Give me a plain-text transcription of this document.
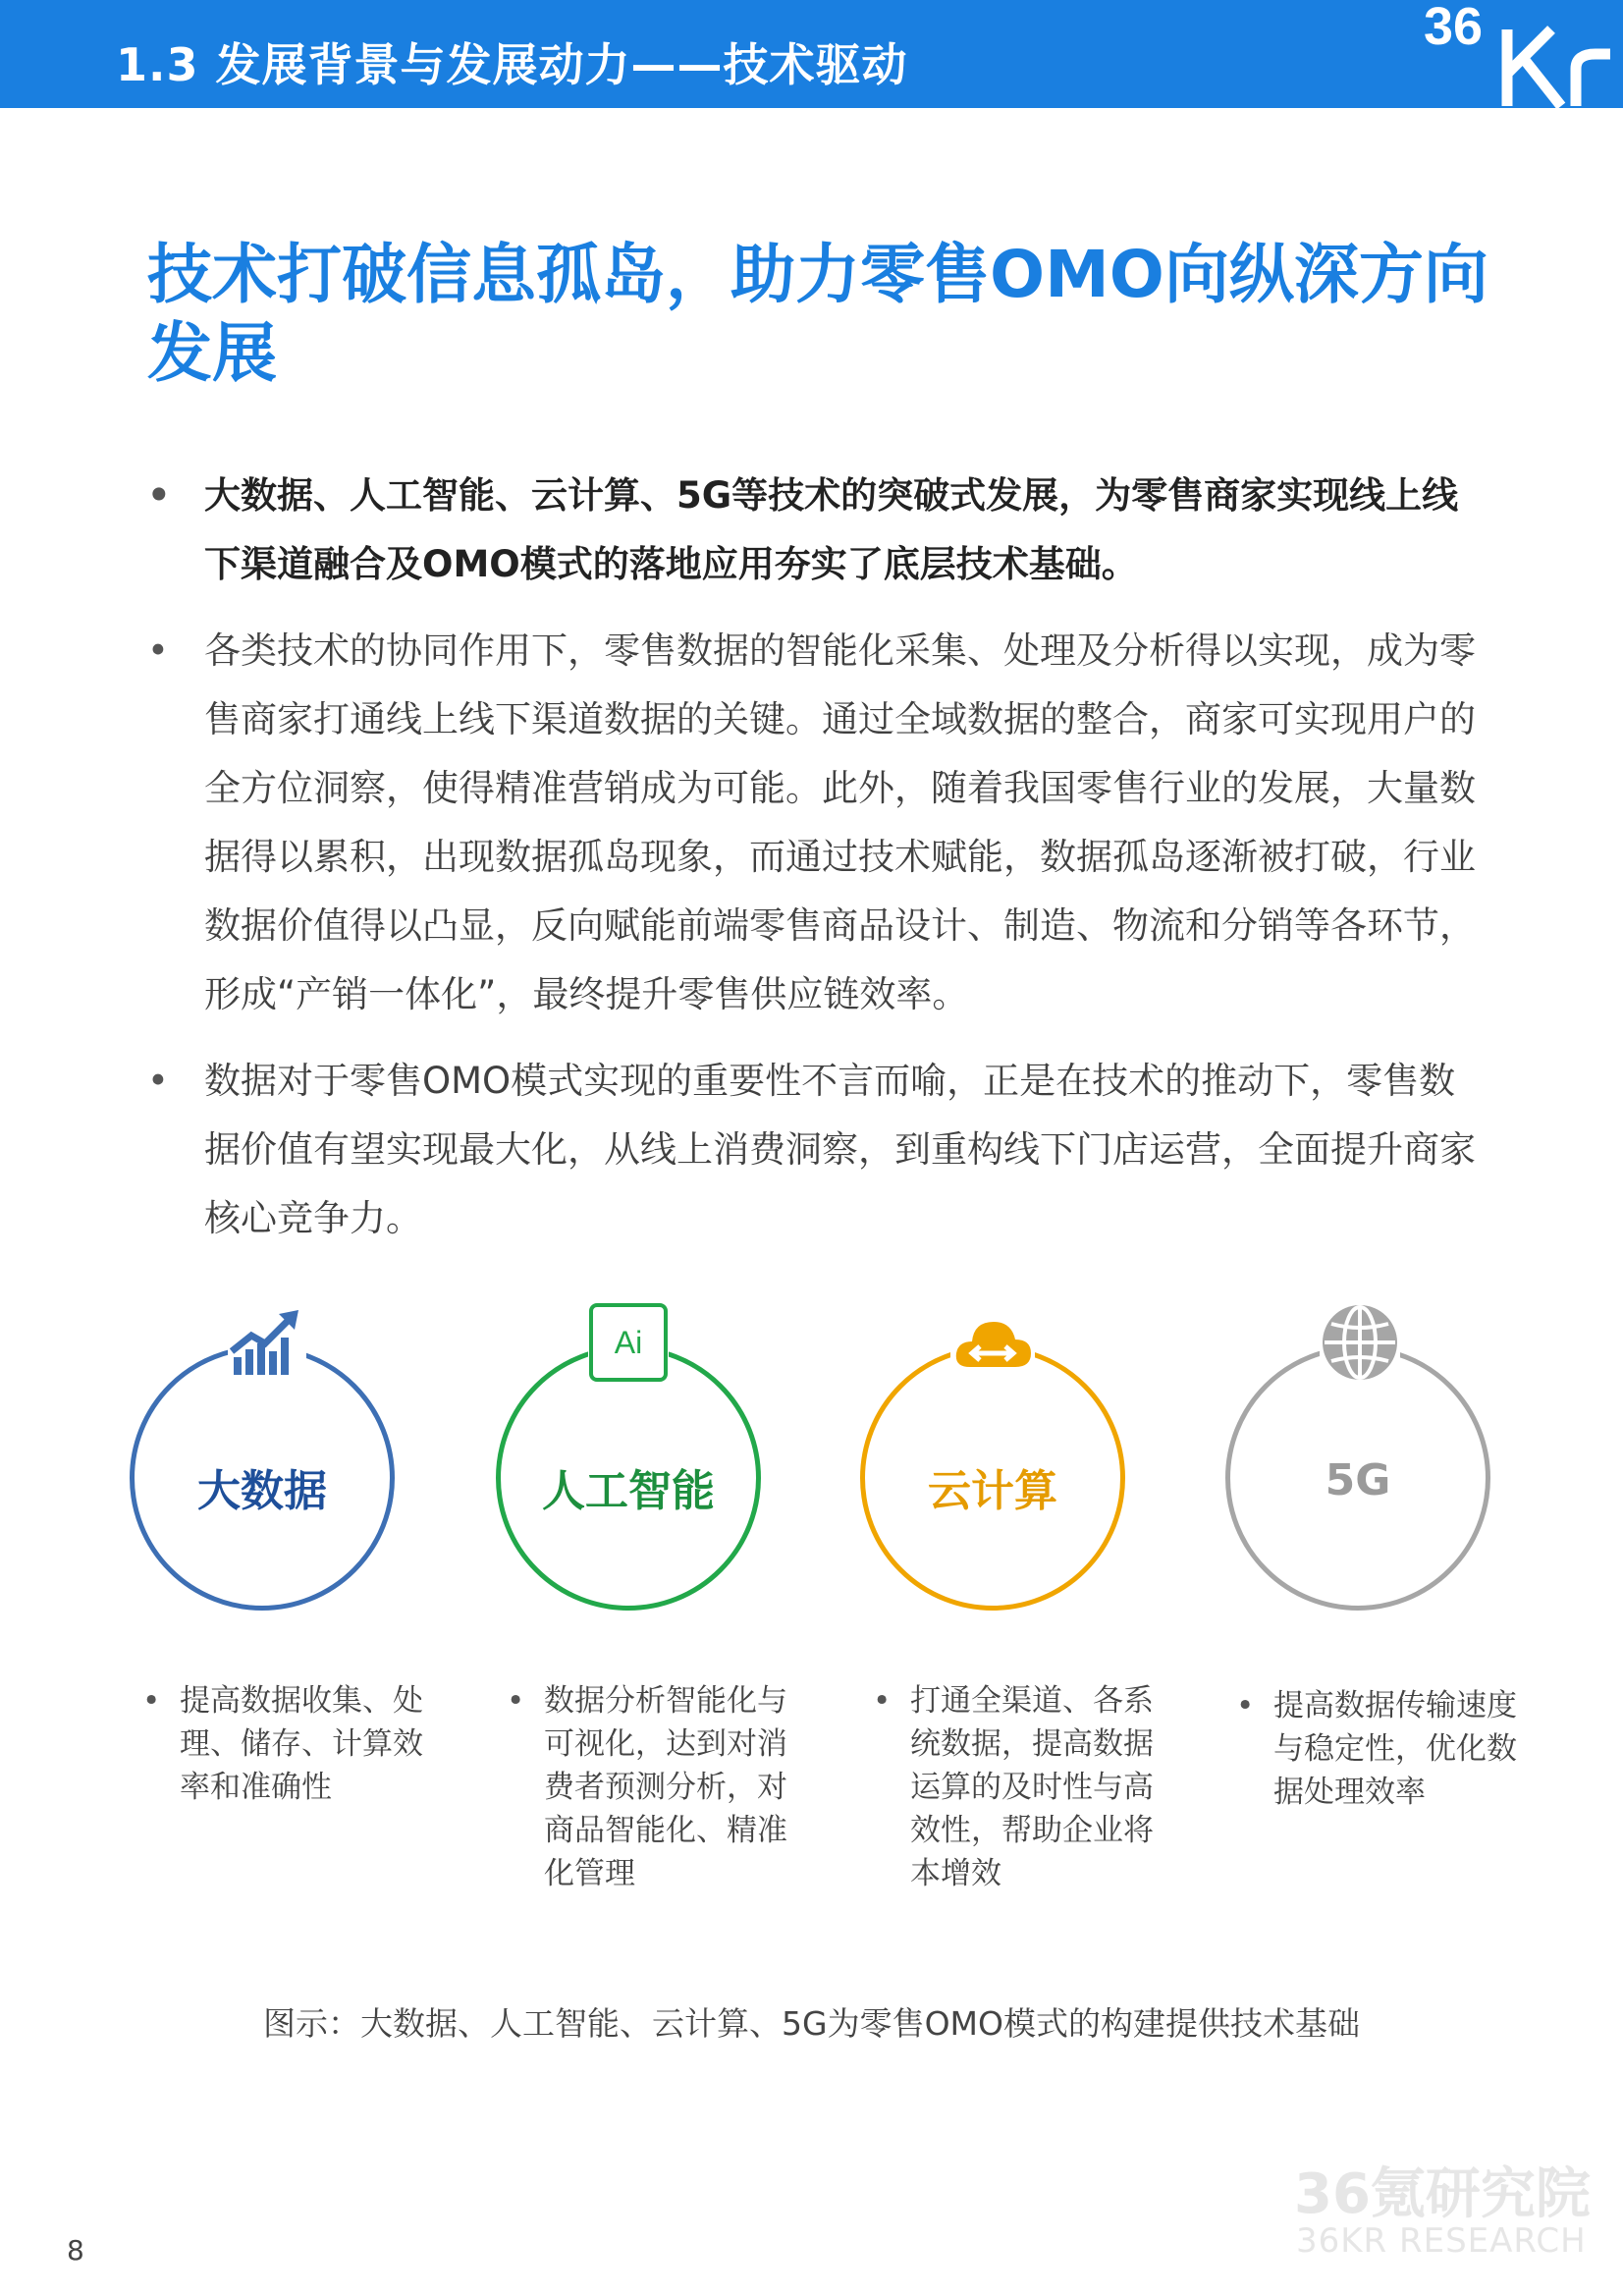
1.3 发展背景与发展动力——技术驱动
36
技术打破信息孤岛，助力零售OMO向纵深方向发展
• 大数据、人工智能、云计算、5G等技术的突破式发展，为零售商家实现线上线下渠道融合及OMO模式的落地应用夯实了底层技术基础。
• 各类技术的协同作用下，零售数据的智能化采集、处理及分析得以实现，成为零售商家打通线上线下渠道数据的关键。通过全域数据的整合，商家可实现用户的全方位洞察，使得精准营销成为可能。此外，随着我国零售行业的发展，大量数据得以累积，出现数据孤岛现象，而通过技术赋能，数据孤岛逐渐被打破，行业数据价值得以凸显，反向赋能前端零售商品设计、制造、物流和分销等各环节，形成“产销一体化”，最终提升零售供应链效率。
• 数据对于零售OMO模式实现的重要性不言而喻，正是在技术的推动下，零售数据价值有望实现最大化，从线上消费洞察，到重构线下门店运营，全面提升商家核心竞争力。
大数据
• 提高数据收集、处理、储存、计算效率和准确性
人工智能
Ai
• 数据分析智能化与可视化，达到对消费者预测分析，对商品智能化、精准化管理
云计算
• 打通全渠道、各系统数据，提高数据运算的及时性与高效性，帮助企业将本增效
5G
• 提高数据传输速度与稳定性，优化数据处理效率
图示：大数据、人工智能、云计算、5G为零售OMO模式的构建提供技术基础
36氪研究院
36KR RESEARCH
8
